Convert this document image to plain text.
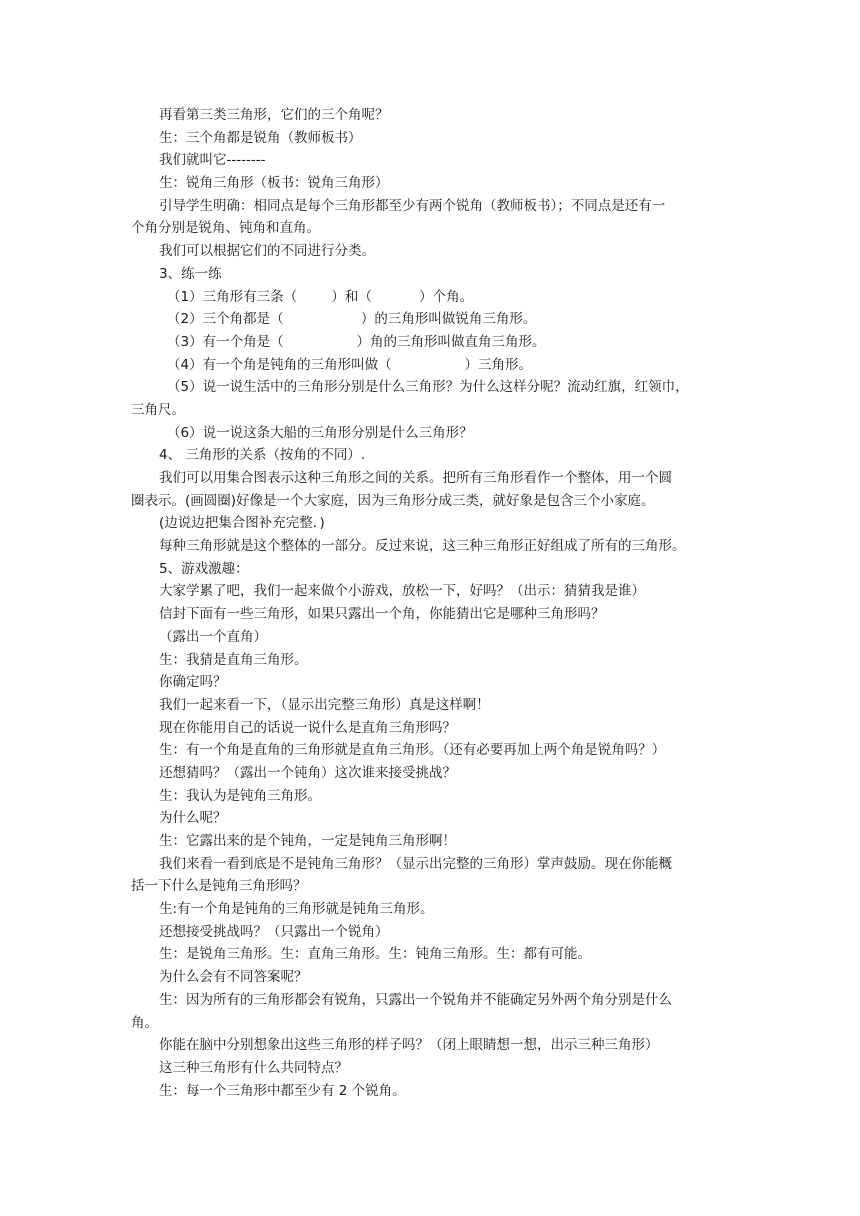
再看第三类三角形，它们的三个角呢？
生：三个角都是锐角（教师板书）
我们就叫它--------
生：锐角三角形（板书：锐角三角形）
引导学生明确：相同点是每个三角形都至少有两个锐角（教师板书）；不同点是还有一
个角分别是锐角、钝角和直角。
我们可以根据它们的不同进行分类。
3、练一练
（1）三角形有三条（        ）和（           ）个角。
（2）三个角都是（                  ）的三角形叫做锐角三角形。
（3）有一个角是（                 ）角的三角形叫做直角三角形。
（4）有一个角是钝角的三角形叫做（                 ）三角形。
（5）说一说生活中的三角形分别是什么三角形？为什么这样分呢？流动红旗，红领巾，
三角尺。
（6）说一说这条大船的三角形分别是什么三角形？
4、 三角形的关系（按角的不同）.
我们可以用集合图表示这种三角形之间的关系。把所有三角形看作一个整体，用一个圆
圈表示。(画圆圈)好像是一个大家庭，因为三角形分成三类，就好象是包含三个小家庭。
(边说边把集合图补充完整．)
每种三角形就是这个整体的一部分。反过来说，这三种三角形正好组成了所有的三角形。
5、游戏激趣：
大家学累了吧，我们一起来做个小游戏，放松一下，好吗？（出示：猜猜我是谁）
信封下面有一些三角形，如果只露出一个角，你能猜出它是哪种三角形吗？
（露出一个直角）
生：我猜是直角三角形。
你确定吗？
我们一起来看一下，（显示出完整三角形）真是这样啊！
现在你能用自己的话说一说什么是直角三角形吗？
生：有一个角是直角的三角形就是直角三角形。（还有必要再加上两个角是锐角吗？）
还想猜吗？（露出一个钝角）这次谁来接受挑战？
生：我认为是钝角三角形。
为什么呢？
生：它露出来的是个钝角，一定是钝角三角形啊！
我们来看一看到底是不是钝角三角形？（显示出完整的三角形）掌声鼓励。现在你能概
括一下什么是钝角三角形吗？
生:有一个角是钝角的三角形就是钝角三角形。
还想接受挑战吗？（只露出一个锐角）
生：是锐角三角形。生：直角三角形。生：钝角三角形。生：都有可能。
为什么会有不同答案呢？
生：因为所有的三角形都会有锐角，只露出一个锐角并不能确定另外两个角分别是什么
角。
你能在脑中分别想象出这些三角形的样子吗？（闭上眼睛想一想，出示三种三角形）
这三种三角形有什么共同特点？
生：每一个三角形中都至少有 2 个锐角。
